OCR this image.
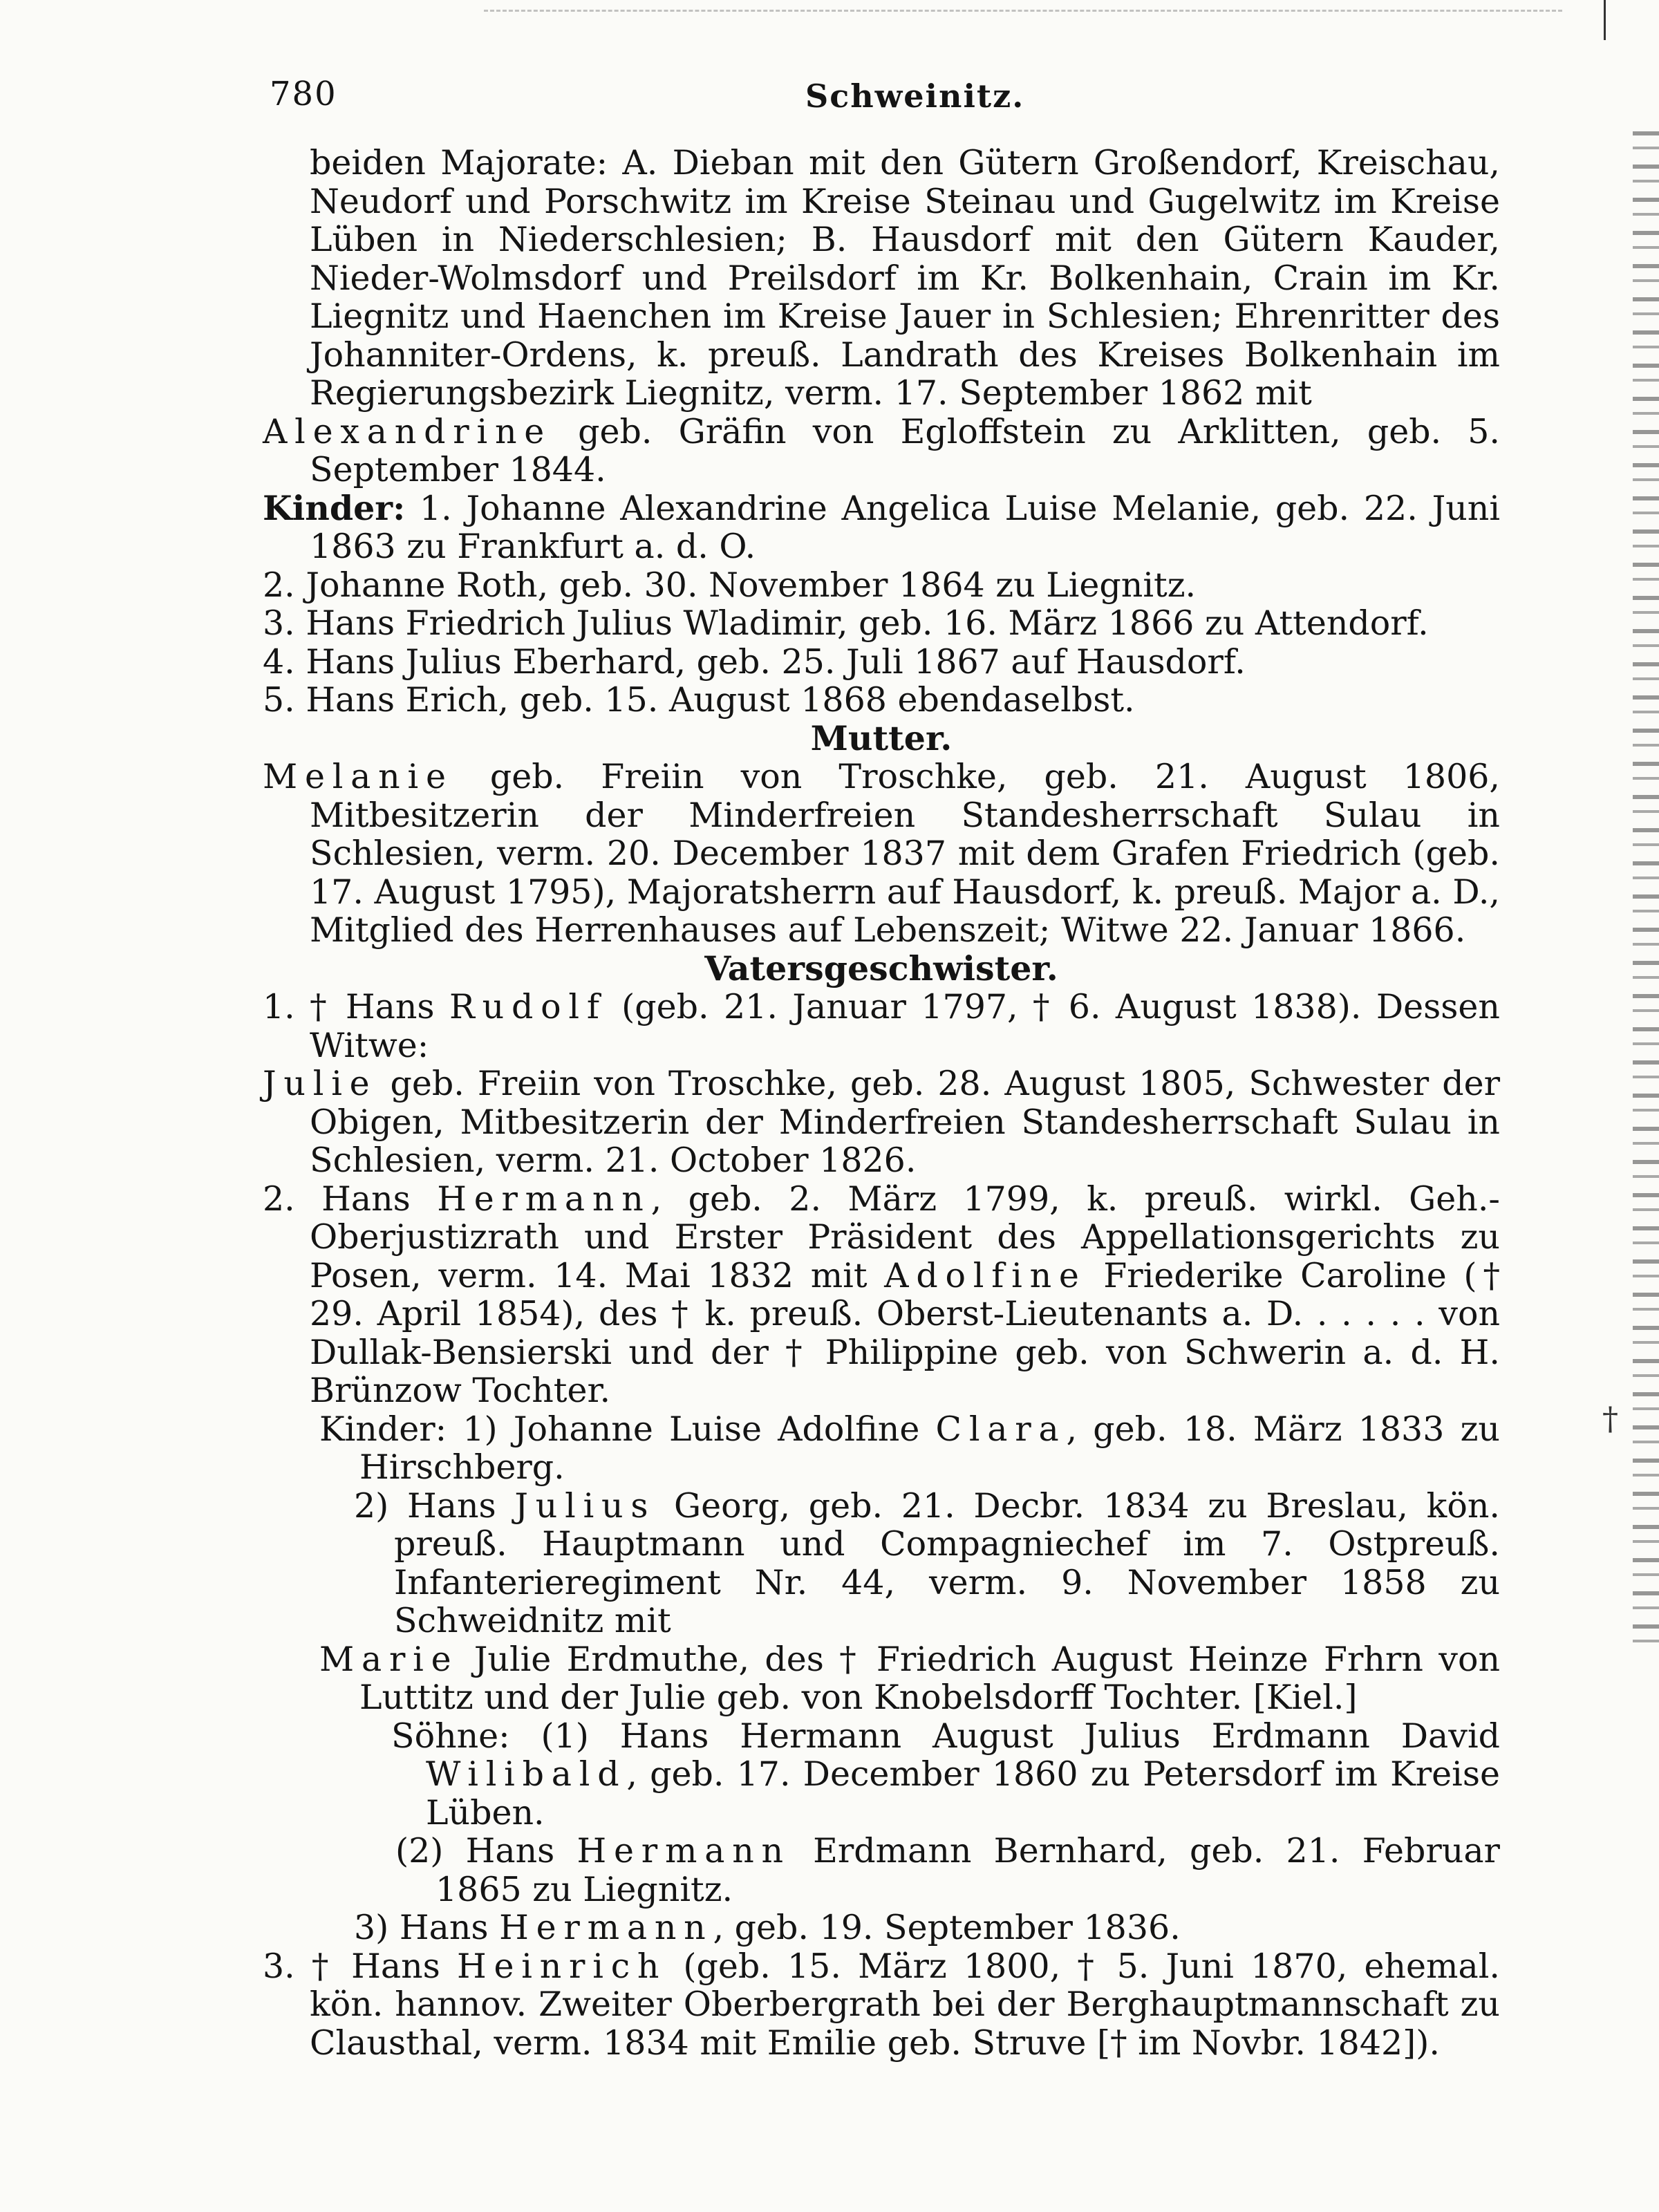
780	Schweinitz.
†

beiden Majorate: A. Dieban mit den Gütern Großendorf, Kreischau, Neudorf und Porschwitz im Kreise Steinau und Gugelwitz im Kreise Lüben in Niederschlesien; B. Hausdorf mit den Gütern Kauder, Nieder-Wolmsdorf und Preilsdorf im Kr. Bolkenhain, Crain im Kr. Liegnitz und Haenchen im Kreise Jauer in Schlesien; Ehrenritter des Johanniter-Ordens, k. preuß. Landrath des Kreises Bolkenhain im Regierungsbezirk Liegnitz, verm. 17. September 1862 mit

Alexandrine geb. Gräfin von Egloffstein zu Arklitten, geb. 5. September 1844.

Kinder: 1. Johanne Alexandrine Angelica Luise Melanie, geb. 22. Juni 1863 zu Frankfurt a. d. O.

2. Johanne Roth, geb. 30. November 1864 zu Liegnitz.

3. Hans Friedrich Julius Wladimir, geb. 16. März 1866 zu Attendorf.

4. Hans Julius Eberhard, geb. 25. Juli 1867 auf Hausdorf.

5. Hans Erich, geb. 15. August 1868 ebendaselbst.

Mutter.

Melanie geb. Freiin von Troschke, geb. 21. August 1806, Mitbesitzerin der Minderfreien Standesherrschaft Sulau in Schlesien, verm. 20. December 1837 mit dem Grafen Friedrich (geb. 17. August 1795), Majoratsherrn auf Hausdorf, k. preuß. Major a. D., Mitglied des Herrenhauses auf Lebenszeit; Witwe 22. Januar 1866.

Vatersgeschwister.

1. † Hans Rudolf (geb. 21. Januar 1797, † 6. August 1838). Dessen Witwe:

Julie geb. Freiin von Troschke, geb. 28. August 1805, Schwester der Obigen, Mitbesitzerin der Minderfreien Standesherrschaft Sulau in Schlesien, verm. 21. October 1826.

2. Hans Hermann, geb. 2. März 1799, k. preuß. wirkl. Geh.-Oberjustizrath und Erster Präsident des Appellationsgerichts zu Posen, verm. 14. Mai 1832 mit Adolfine Friederike Caroline († 29. April 1854), des † k. preuß. Oberst-Lieutenants a. D. . . . . . von Dullak-Bensierski und der † Philippine geb. von Schwerin a. d. H. Brünzow Tochter.

Kinder: 1) Johanne Luise Adolfine Clara, geb. 18. März 1833 zu Hirschberg.

2) Hans Julius Georg, geb. 21. Decbr. 1834 zu Breslau, kön. preuß. Hauptmann und Compagniechef im 7. Ostpreuß. Infanterieregiment Nr. 44, verm. 9. November 1858 zu Schweidnitz mit

Marie Julie Erdmuthe, des † Friedrich August Heinze Frhrn von Luttitz und der Julie geb. von Knobelsdorff Tochter. [Kiel.]

Söhne: (1) Hans Hermann August Julius Erdmann David Wilibald, geb. 17. December 1860 zu Petersdorf im Kreise Lüben.

(2) Hans Hermann Erdmann Bernhard, geb. 21. Februar 1865 zu Liegnitz.

3) Hans Hermann, geb. 19. September 1836.

3. † Hans Heinrich (geb. 15. März 1800, † 5. Juni 1870, ehemal. kön. hannov. Zweiter Oberbergrath bei der Berghauptmannschaft zu Clausthal, verm. 1834 mit Emilie geb. Struve [† im Novbr. 1842]).
